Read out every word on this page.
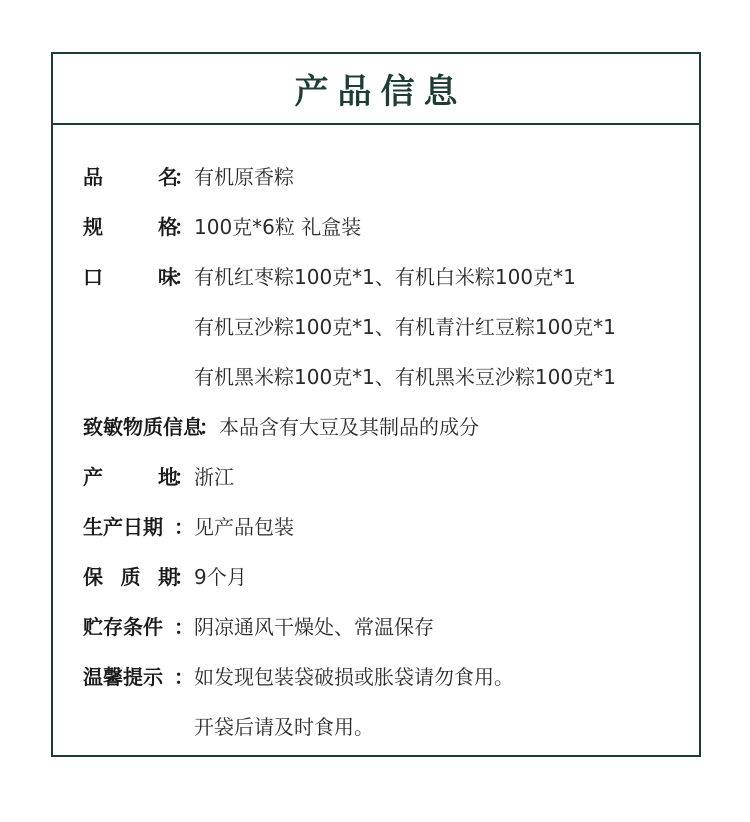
产品信息
品	名
： 有机原香粽
规	格
： 100克*6粒 礼盒装
口	味
： 有机红枣粽100克*1、有机白米粽100克*1
有机豆沙粽100克*1、有机青汁红豆粽100克*1
有机黑米粽100克*1、有机黑米豆沙粽100克*1
致敏物质信息
： 本品含有大豆及其制品的成分
产	地
： 浙江
生产日期 ： 见产品包装
保 质 期
： 9个月
贮存条件 ： 阴凉通风干燥处、常温保存
温馨提示 ： 如发现包装袋破损或胀袋请勿食用。
开袋后请及时食用。
